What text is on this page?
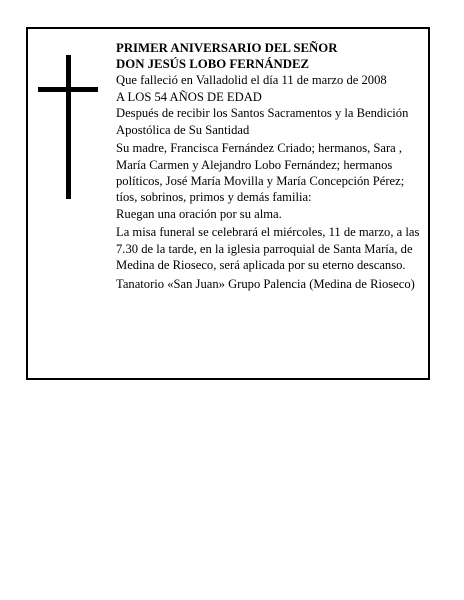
PRIMER ANIVERSARIO DEL SEÑOR

DON JESÚS LOBO FERNÁNDEZ

Que falleció en Valladolid el día 11 de marzo de 2008

A LOS 54 AÑOS DE EDAD

Después de recibir los Santos Sacramentos y la Bendición Apostólica de Su Santidad

Su madre, Francisca Fernández Criado; hermanos, Sara , María Carmen y Alejandro Lobo Fernández; hermanos políticos, José María Movilla y María Concepción Pérez; tíos, sobrinos, primos y demás familia:

Ruegan una oración por su alma.

La misa funeral se celebrará el miércoles, 11 de marzo, a las 7.30 de la tarde, en la iglesia parroquial de Santa María, de Medina de Rioseco, será aplicada por su eterno descanso.

Tanatorio «San Juan» Grupo Palencia (Medina de Rioseco)
